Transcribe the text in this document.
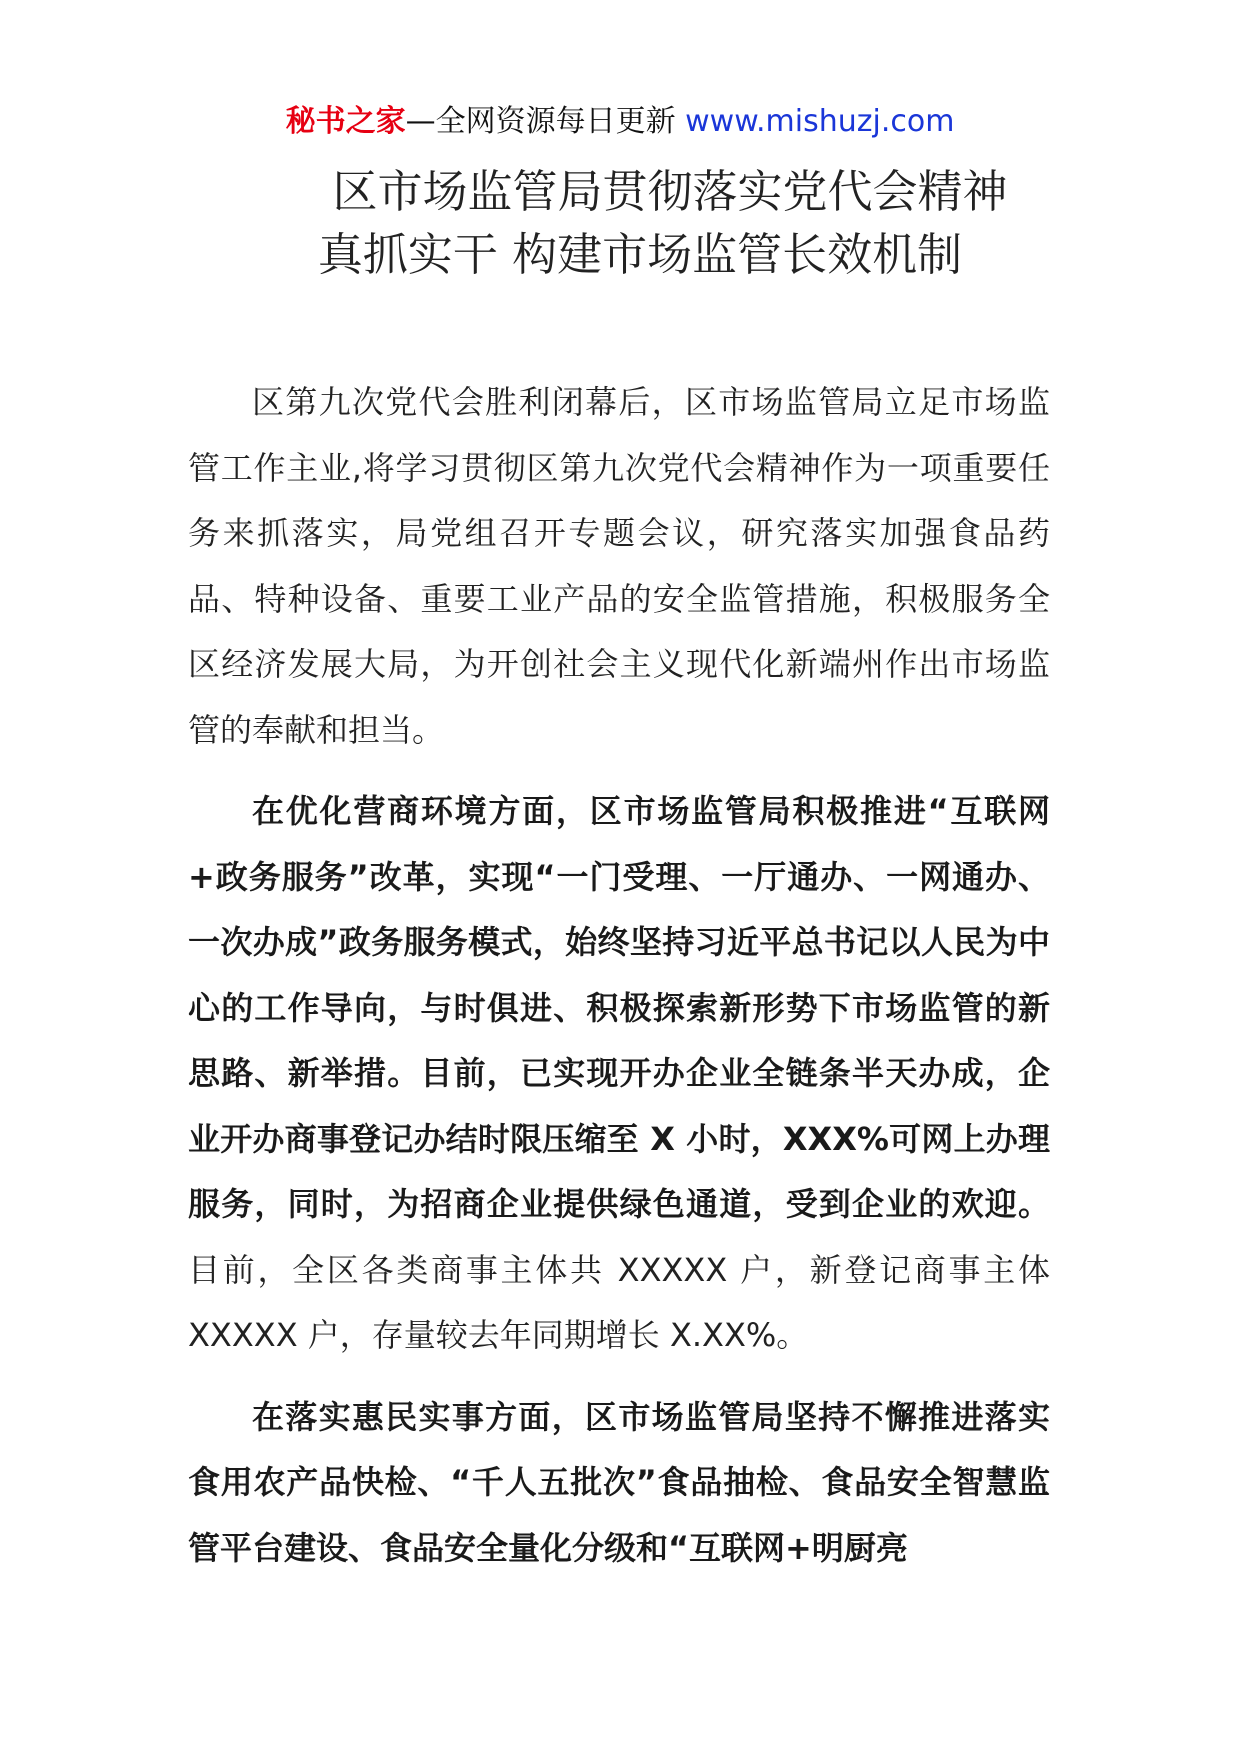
秘书之家—全网资源每日更新 www.mishuzj.com
区市场监管局贯彻落实党代会精神
真抓实干 构建市场监管长效机制

区第九次党代会胜利闭幕后，区市场监管局立足市场监管工作主业,将学习贯彻区第九次党代会精神作为一项重要任务来抓落实，局党组召开专题会议，研究落实加强食品药品、特种设备、重要工业产品的安全监管措施，积极服务全区经济发展大局，为开创社会主义现代化新端州作出市场监管的奉献和担当。

在优化营商环境方面，区市场监管局积极推进“互联网+政务服务”改革，实现“一门受理、一厅通办、一网通办、一次办成”政务服务模式，始终坚持习近平总书记以人民为中心的工作导向，与时俱进、积极探索新形势下市场监管的新思路、新举措。目前，已实现开办企业全链条半天办成，企业开办商事登记办结时限压缩至 X 小时，XXX%可网上办理服务，同时，为招商企业提供绿色通道，受到企业的欢迎。目前，全区各类商事主体共 XXXXX 户，新登记商事主体 XXXXX 户，存量较去年同期增长 X.XX%。

在落实惠民实事方面，区市场监管局坚持不懈推进落实食用农产品快检、“千人五批次”食品抽检、食品安全智慧监管平台建设、食品安全量化分级和“互联网+明厨亮
